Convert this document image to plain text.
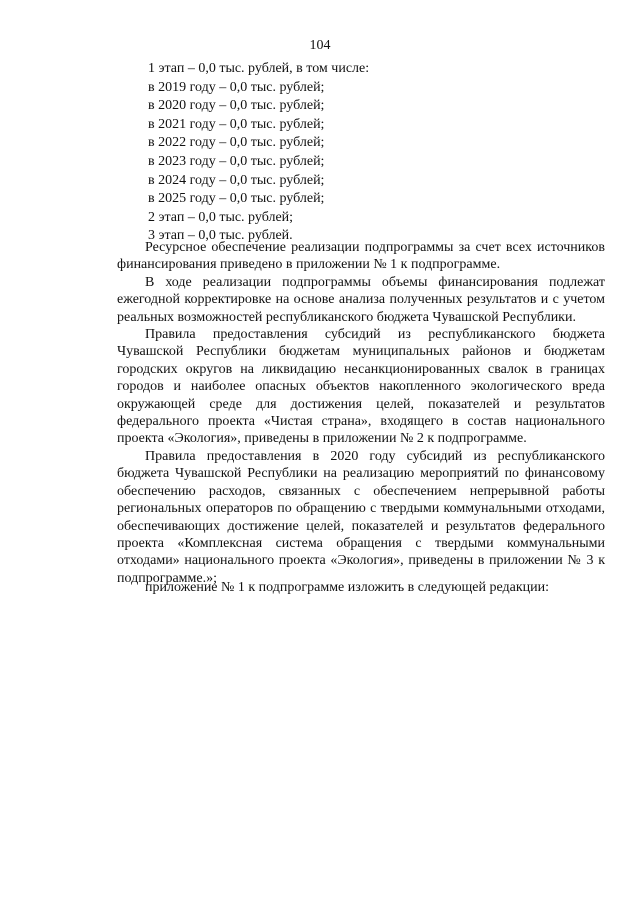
104
1 этап – 0,0 тыс. рублей, в том числе:
в 2019 году – 0,0 тыс. рублей;
в 2020 году – 0,0 тыс. рублей;
в 2021 году – 0,0 тыс. рублей;
в 2022 году – 0,0 тыс. рублей;
в 2023 году – 0,0 тыс. рублей;
в 2024 году – 0,0 тыс. рублей;
в 2025 году – 0,0 тыс. рублей;
2 этап – 0,0 тыс. рублей;
3 этап – 0,0 тыс. рублей.

Ресурсное обеспечение реализации подпрограммы за счет всех источников финансирования приведено в приложении № 1 к подпрограмме.

В ходе реализации подпрограммы объемы финансирования подлежат ежегодной корректировке на основе анализа полученных результатов и с учетом реальных возможностей республиканского бюджета Чувашской Республики.

Правила предоставления субсидий из республиканского бюджета Чувашской Республики бюджетам муниципальных районов и бюджетам городских округов на ликвидацию несанкционированных свалок в границах городов и наиболее опасных объектов накопленного экологического вреда окружающей среде для достижения целей, показателей и результатов федерального проекта «Чистая страна», входящего в состав национального проекта «Экология», приведены в приложении № 2 к подпрограмме.

Правила предоставления в 2020 году субсидий из республиканского бюджета Чувашской Республики на реализацию мероприятий по финансовому обеспечению расходов, связанных с обеспечением непрерывной работы региональных операторов по обращению с твердыми коммунальными отходами, обеспечивающих достижение целей, показателей и результатов федерального проекта «Комплексная система обращения с твердыми коммунальными отходами» национального проекта «Экология», приведены в приложении № 3 к подпрограмме.»;

приложение № 1 к подпрограмме изложить в следующей редакции:
